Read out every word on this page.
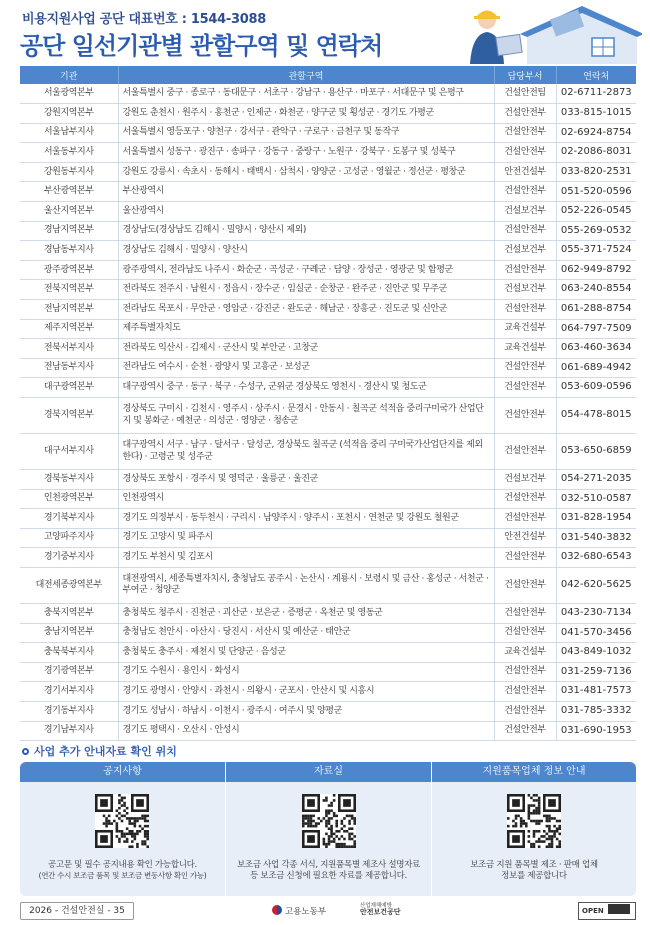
비용지원사업 공단 대표번호 : 1544-3088
공단 일선기관별 관할구역 및 연락처
기관	관할구역	담당부서	연락처
서울광역본부	서울특별시 중구 · 종로구 · 동대문구 · 서초구 · 강남구 · 용산구 · 마포구 · 서대문구 및 은평구	건설안전팀	02-6711-2873
강원지역본부	강원도 춘천시 · 원주시 · 홍천군 · 인제군 · 화천군 · 양구군 및 횡성군 · 경기도 가평군	건설안전부	033-815-1015
서울남부지사	서울특별시 영등포구 · 양천구 · 강서구 · 관악구 · 구로구 · 금천구 및 동작구	건설안전부	02-6924-8754
서울동부지사	서울특별시 성동구 · 광진구 · 송파구 · 강동구 · 중랑구 · 노원구 · 강북구 · 도봉구 및 성북구	건설안전부	02-2086-8031
강원동부지사	강원도 강릉시 · 속초시 · 동해시 · 태백시 · 삼척시 · 양양군 · 고성군 · 영월군 · 정선군 · 평창군	안전건설부	033-820-2531
부산광역본부	부산광역시	건설안전부	051-520-0596
울산지역본부	울산광역시	건설보건부	052-226-0545
경남지역본부	경상남도(경상남도 김해시 · 밀양시 · 양산시 제외)	건설안전부	055-269-0532
경남동부지사	경상남도 김해시 · 밀양시 · 양산시	건설보건부	055-371-7524
광주광역본부	광주광역시, 전라남도 나주시 · 화순군 · 곡성군 · 구례군 · 담양 · 장성군 · 영광군 및 함평군	건설안전부	062-949-8792
전북지역본부	전라북도 전주시 · 남원시 · 정읍시 · 장수군 · 임실군 · 순창군 · 완주군 · 진안군 및 무주군	건설보건부	063-240-8554
전남지역본부	전라남도 목포시 · 무안군 · 영암군 · 강진군 · 완도군 · 해남군 · 장흥군 · 진도군 및 신안군	건설안전부	061-288-8754
제주지역본부	제주특별자치도	교육건설부	064-797-7509
전북서부지사	전라북도 익산시 · 김제시 · 군산시 및 부안군 · 고창군	교육건설부	063-460-3634
전남동부지사	전라남도 여수시 · 순천 · 광양시 및 고흥군 · 보성군	건설안전부	061-689-4942
대구광역본부	대구광역시 중구 · 동구 · 북구 · 수성구, 군위군 경상북도 영천시 · 경산시 및 청도군	건설안전부	053-609-0596
경북지역본부	경상북도 구미시 · 김천시 · 영주시 · 상주시 · 문경시 · 안동시 · 칠곡군 석적읍 중리구미국가 산업단지 및 봉화군 · 예천군 · 의성군 · 영양군 · 청송군	건설안전부	054-478-8015
대구서부지사	대구광역시 서구 · 남구 · 달서구 · 달성군, 경상북도 칠곡군 (석적읍 중리 구미국가산업단지를 제외한다) · 고령군 및 성주군	건설안전부	053-650-6859
경북동부지사	경상북도 포항시 · 경주시 및 영덕군 · 울릉군 · 울진군	건설보건부	054-271-2035
인천광역본부	인천광역시	건설안전부	032-510-0587
경기북부지사	경기도 의정부시 · 동두천시 · 구리시 · 남양주시 · 양주시 · 포천시 · 연천군 및 강원도 철원군	건설안전부	031-828-1954
고양파주지사	경기도 고양시 및 파주시	안전건설부	031-540-3832
경기중부지사	경기도 부천시 및 김포시	건설안전부	032-680-6543
대전세종광역본부	대전광역시, 세종특별자치시, 충청남도 공주시 · 논산시 · 계룡시 · 보령시 및 금산 · 홍성군 · 서천군 · 부여군 · 청양군	건설안전부	042-620-5625
충북지역본부	충청북도 청주시 · 진천군 · 괴산군 · 보은군 · 증평군 · 옥천군 및 영동군	건설안전부	043-230-7134
충남지역본부	충청남도 천안시 · 아산시 · 당진시 · 서산시 및 예산군 · 태안군	건설안전부	041-570-3456
충북북부지사	충청북도 충주시 · 제천시 및 단양군 · 음성군	교육건설부	043-849-1032
경기광역본부	경기도 수원시 · 용인시 · 화성시	건설안전부	031-259-7136
경기서부지사	경기도 광명시 · 안양시 · 과천시 · 의왕시 · 군포시 · 안산시 및 시흥시	건설안전부	031-481-7573
경기동부지사	경기도 성남시 · 하남시 · 이천시 · 광주시 · 여주시 및 양평군	건설안전부	031-785-3332
경기남부지사	경기도 평택시 · 오산시 · 안성시	건설안전부	031-690-1953
사업 추가 안내자료 확인 위치
공지사항
공고문 및 필수 공지내용 확인 가능합니다.
(연간 수시 보조금 품목 및 보조금 변동사항 확인 가능)
자료실
보조금 사업 각종 서식, 지원품목별 제조사 설명자료
등 보조금 신청에 필요한 자료를 제공합니다.
지원품목업체 정보 안내
보조금 지원 품목별 제조 · 판매 업체
정보를 제공합니다
2026 - 건설안전실 - 35	고용노동부
산업재해예방
안전보건공단	OPEN
